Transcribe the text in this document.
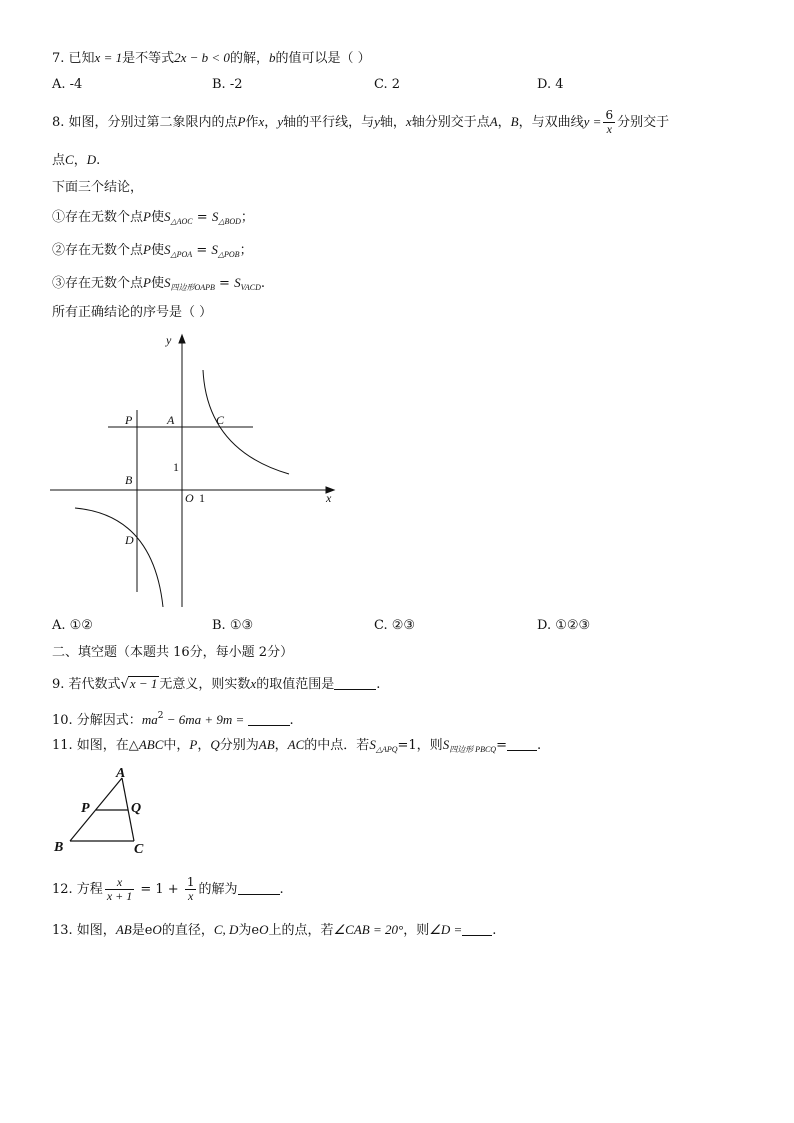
7. 已知x = 1是不等式2x − b < 0的解，b的值可以是（ ）
A. -4	B. -2	C. 2	D. 4
8. 如图，分别过第二象限内的点P作x，y轴的平行线，与y轴，x轴分别交于点A，B，与双曲线$y = \frac{6}{x}$ 分别交于
点C，D.
下面三个结论，
①存在无数个点P使$S_{\triangle AOC} = S_{\triangle BOD}$；
②存在无数个点P使$S_{\triangle POA} = S_{\triangle POB}$；
③存在无数个点P使$S_{四边形OAPB} = S_{VACD}$.
所有正确结论的序号是（ ）
y
x
P	A	C
B
O
D
1
1
A. ①②	B. ①③	C. ②③	D. ①②③
二、填空题（本题共 16分，每小题 2分）
9. 若代数式√x − 1 无意义，则实数x的取值范围是	.
10. 分解因式：$ma^2 - 6ma + 9m$ =	.
11. 如图，在△ABC中，P，Q分别为AB，AC的中点．若$S_{\triangle APQ}=1$，则$S_{四边形 PBCQ}=$ .
A
P	Q
B	C
12. 方程 $\frac{x}{x + 1} = 1 + \frac{1}{x}$ 的解为	.
13. 如图，AB是eO的直径，C, D为eO上的点，若∠CAB = 20°，则∠D = .
